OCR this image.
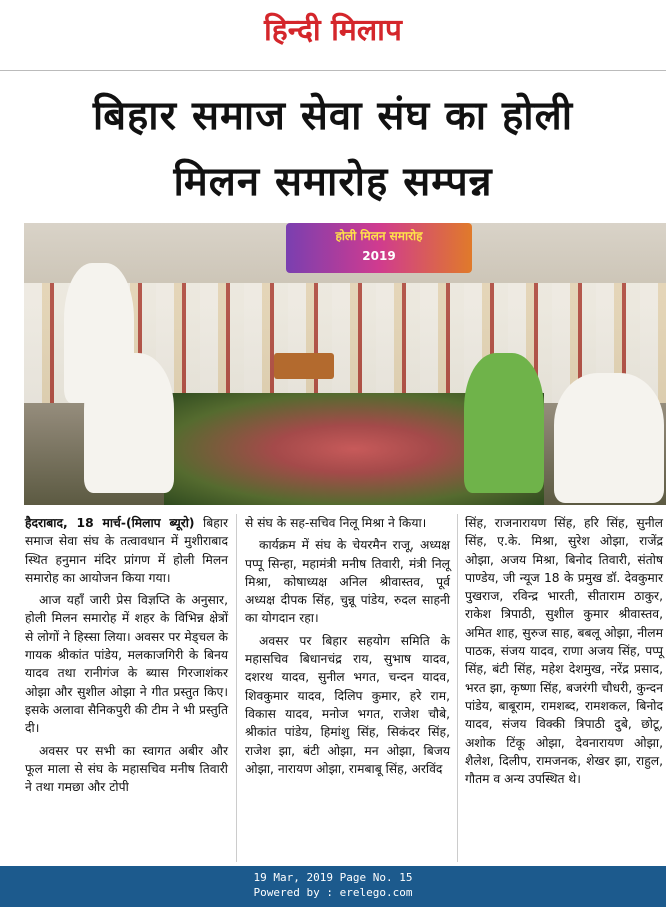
हिन्दी मिलाप
बिहार समाज सेवा संघ का होली
मिलन समारोह सम्पन्न
होली मिलन समारोह
2019

हैदराबाद, 18 मार्च-(मिलाप ब्यूरो) बिहार समाज सेवा संघ के तत्वावधान में मुशीराबाद स्थित हनुमान मंदिर प्रांगण में होली मिलन समारोह का आयोजन किया गया।

आज यहाँ जारी प्रेस विज्ञप्ति के अनुसार, होली मिलन समारोह में शहर के विभिन्न क्षेत्रों से लोगों ने हिस्सा लिया। अवसर पर मेड्चल के गायक श्रीकांत पांडेय, मलकाजगिरी के बिनय यादव तथा रानीगंज के ब्यास गिरजाशंकर ओझा और सुशील ओझा ने गीत प्रस्तुत किए। इसके अलावा सैनिकपुरी की टीम ने भी प्रस्तुति दी।

अवसर पर सभी का स्वागत अबीर और फूल माला से संघ के महासचिव मनीष तिवारी ने तथा गमछा और टोपी

से संघ के सह-सचिव निलू मिश्रा ने किया।

कार्यक्रम में संघ के चेयरमैन राजू, अध्यक्ष पप्पू सिन्हा, महामंत्री मनीष तिवारी, मंत्री निलू मिश्रा, कोषाध्यक्ष अनिल श्रीवास्तव, पूर्व अध्यक्ष दीपक सिंह, चुन्नू पांडेय, रुदल साहनी का योगदान रहा।

अवसर पर बिहार सहयोग समिति के महासचिव बिधानचंद्र राय, सुभाष यादव, दशरथ यादव, सुनील भगत, चन्दन यादव, शिवकुमार यादव, दिलिप कुमार, हरे राम, विकास यादव, मनोज भगत, राजेश चौबे, श्रीकांत पांडेय, हिमांशु सिंह, सिकंदर सिंह, राजेश झा, बंटी ओझा, मन ओझा, बिजय ओझा, नारायण ओझा, रामबाबू सिंह, अरविंद

सिंह, राजनारायण सिंह, हरि सिंह, सुनील सिंह, ए.के. मिश्रा, सुरेश ओझा, राजेंद्र ओझा, अजय मिश्रा, बिनोद तिवारी, संतोष पाण्डेय, जी न्यूज 18 के प्रमुख डॉ. देवकुमार पुखराज, रविन्द्र भारती, सीताराम ठाकुर, राकेश त्रिपाठी, सुशील कुमार श्रीवास्तव, अमित शाह, सुरुज साह, बबलू ओझा, नीलम पाठक, संजय यादव, राणा अजय सिंह, पप्पू सिंह, बंटी सिंह, महेश देशमुख, नरेंद्र प्रसाद, भरत झा, कृष्णा सिंह, बजरंगी चौधरी, कुन्दन पांडेय, बाबूराम, रामशब्द, रामशकल, बिनोद यादव, संजय विक्की त्रिपाठी दुबे, छोटू, अशोक टिंकू ओझा, देवनारायण ओझा, शैलेश, दिलीप, रामजनक, शेखर झा, राहुल, गौतम व अन्य उपस्थित थे।

19 Mar, 2019 Page No. 15
Powered by : erelego.com
